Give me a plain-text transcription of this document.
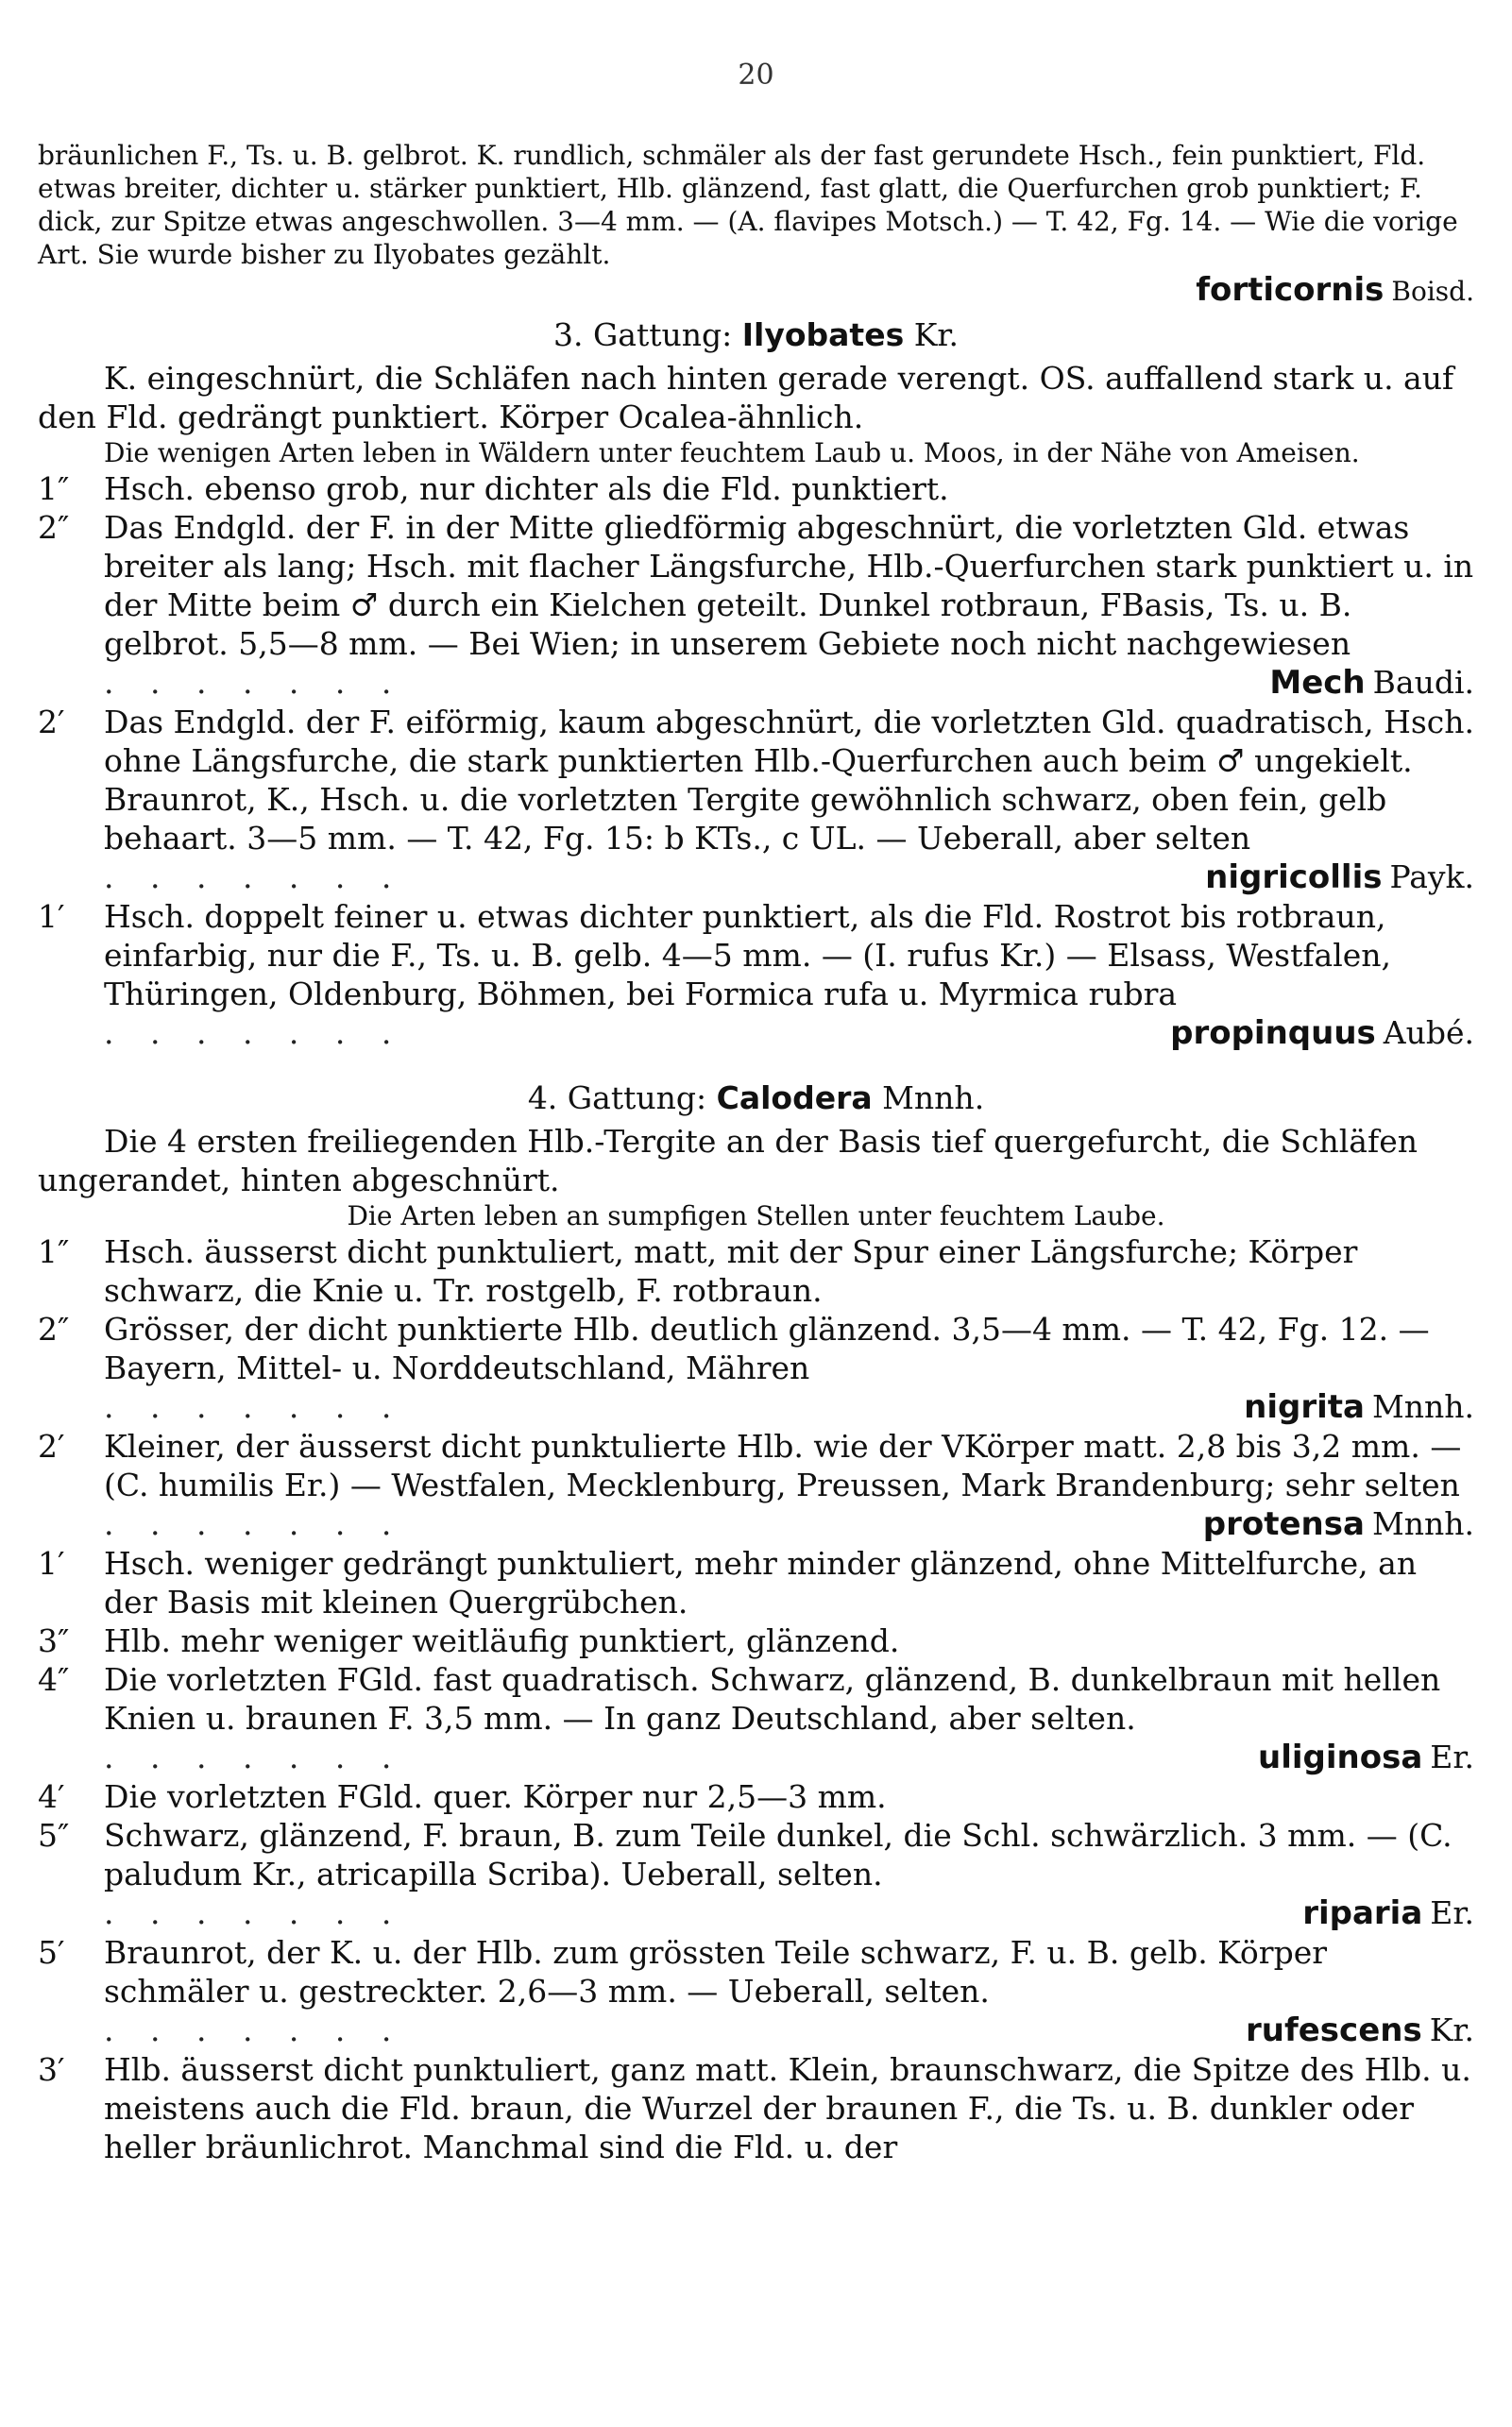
20

bräunlichen F., Ts. u. B. gelbrot. K. rundlich, schmäler als der fast gerundete Hsch., fein punktiert, Fld. etwas breiter, dichter u. stärker punktiert, Hlb. glänzend, fast glatt, die Querfurchen grob punktiert; F. dick, zur Spitze etwas angeschwollen. 3—4 mm. — (A. flavipes Motsch.) — T. 42, Fg. 14. — Wie die vorige Art. Sie wurde bisher zu Ilyobates gezählt.

forticornis Boisd.
3. Gattung: Ilyobates Kr.

K. eingeschnürt, die Schläfen nach hinten gerade verengt. OS. auffallend stark u. auf den Fld. gedrängt punktiert. Körper Ocalea-ähnlich.

Die wenigen Arten leben in Wäldern unter feuchtem Laub u. Moos, in der Nähe von Ameisen.

1″	Hsch. ebenso grob, nur dichter als die Fld. punktiert.
2″	Das Endgld. der F. in der Mitte gliedförmig abgeschnürt, die vorletzten Gld. etwas breiter als lang; Hsch. mit flacher Längsfurche, Hlb.-Querfurchen stark punktiert u. in der Mitte beim ♂ durch ein Kielchen geteilt. Dunkel rotbraun, FBasis, Ts. u. B. gelbrot. 5,5—8 mm. — Bei Wien; in unserem Gebiete noch nicht nachgewiesen
. . . . . . .	Mech Baudi.
2′	Das Endgld. der F. eiförmig, kaum abgeschnürt, die vorletzten Gld. quadratisch, Hsch. ohne Längsfurche, die stark punktierten Hlb.-Querfurchen auch beim ♂ ungekielt. Braunrot, K., Hsch. u. die vorletzten Tergite gewöhnlich schwarz, oben fein, gelb behaart. 3—5 mm. — T. 42, Fg. 15: b KTs., c UL. — Ueberall, aber selten
. . . . . . .	nigricollis Payk.
1′	Hsch. doppelt feiner u. etwas dichter punktiert, als die Fld. Rostrot bis rotbraun, einfarbig, nur die F., Ts. u. B. gelb. 4—5 mm. — (I. rufus Kr.) — Elsass, Westfalen, Thüringen, Oldenburg, Böhmen, bei Formica rufa u. Myrmica rubra
. . . . . . .	propinquus Aubé.
4. Gattung: Calodera Mnnh.

Die 4 ersten freiliegenden Hlb.-Tergite an der Basis tief quergefurcht, die Schläfen ungerandet, hinten abgeschnürt.

Die Arten leben an sumpfigen Stellen unter feuchtem Laube.

1″	Hsch. äusserst dicht punktuliert, matt, mit der Spur einer Längsfurche; Körper schwarz, die Knie u. Tr. rostgelb, F. rotbraun.
2″	Grösser, der dicht punktierte Hlb. deutlich glänzend. 3,5—4 mm. — T. 42, Fg. 12. — Bayern, Mittel- u. Norddeutschland, Mähren
. . . . . . .	nigrita Mnnh.
2′	Kleiner, der äusserst dicht punktulierte Hlb. wie der VKörper matt. 2,8 bis 3,2 mm. — (C. humilis Er.) — Westfalen, Mecklenburg, Preussen, Mark Brandenburg; sehr selten
. . . . . . .	protensa Mnnh.
1′	Hsch. weniger gedrängt punktuliert, mehr minder glänzend, ohne Mittelfurche, an der Basis mit kleinen Quergrübchen.
3″	Hlb. mehr weniger weitläufig punktiert, glänzend.
4″	Die vorletzten FGld. fast quadratisch. Schwarz, glänzend, B. dunkelbraun mit hellen Knien u. braunen F. 3,5 mm. — In ganz Deutschland, aber selten.
. . . . . . .	uliginosa Er.
4′	Die vorletzten FGld. quer. Körper nur 2,5—3 mm.
5″	Schwarz, glänzend, F. braun, B. zum Teile dunkel, die Schl. schwärzlich. 3 mm. — (C. paludum Kr., atricapilla Scriba). Ueberall, selten.
. . . . . . .	riparia Er.
5′	Braunrot, der K. u. der Hlb. zum grössten Teile schwarz, F. u. B. gelb. Körper schmäler u. gestreckter. 2,6—3 mm. — Ueberall, selten.
. . . . . . .	rufescens Kr.
3′	Hlb. äusserst dicht punktuliert, ganz matt. Klein, braunschwarz, die Spitze des Hlb. u. meistens auch die Fld. braun, die Wurzel der braunen F., die Ts. u. B. dunkler oder heller bräunlichrot. Manchmal sind die Fld. u. der
